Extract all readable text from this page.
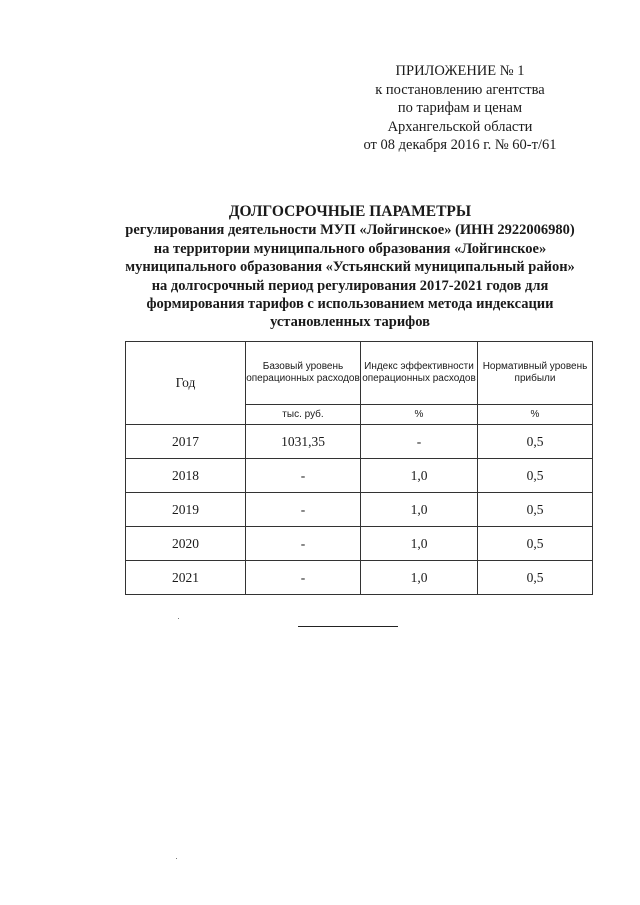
ПРИЛОЖЕНИЕ № 1
к постановлению агентства
по тарифам и ценам
Архангельской области
от 08 декабря 2016 г. № 60-т/61
ДОЛГОСРОЧНЫЕ ПАРАМЕТРЫ
регулирования деятельности МУП «Лойгинское» (ИНН 2922006980)
на территории муниципального образования «Лойгинское»
муниципального образования «Устьянский муниципальный район»
на долгосрочный период регулирования 2017-2021 годов для
формирования тарифов с использованием метода индексации
установленных тарифов
Год	Базовый уровень операционных расходов	Индекс эффективности операционных расходов	Нормативный уровень прибыли
	тыс. руб.	%	%
2017	1031,35	-	0,5
2018	-	1,0	0,5
2019	-	1,0	0,5
2020	-	1,0	0,5
2021	-	1,0	0,5
